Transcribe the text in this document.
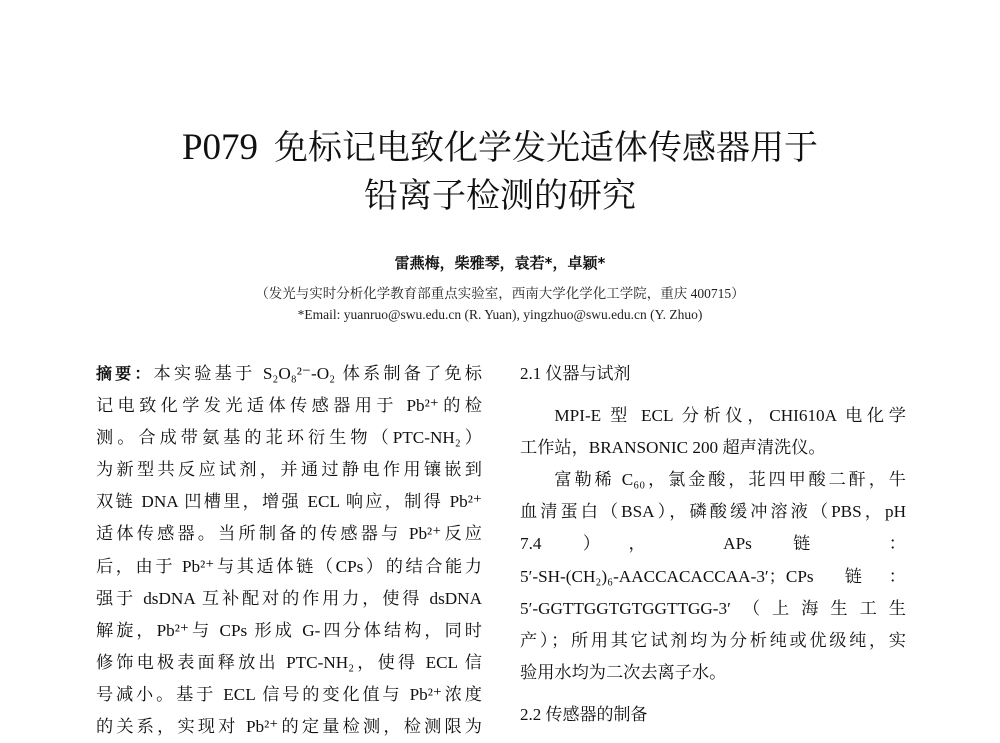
P079 免标记电致化学发光适体传感器用于
铅离子检测的研究
雷燕梅，柴雅琴，袁若*，卓颖*
（发光与实时分析化学教育部重点实验室，西南大学化学化工学院，重庆 400715）
*Email: yuanruo@swu.edu.cn (R. Yuan), yingzhuo@swu.edu.cn (Y. Zhuo)
摘要：本实验基于 S₂O₈²⁻-O₂ 体系制备了免标
记电致化学发光适体传感器用于 Pb²⁺的检
测。合成带氨基的苝环衍生物（PTC-NH₂）
为新型共反应试剂，并通过静电作用镶嵌到
双链 DNA 凹槽里，增强 ECL 响应，制得 Pb²⁺
适体传感器。当所制备的传感器与 Pb²⁺反应
后，由于 Pb²⁺与其适体链（CPs）的结合能力
强于 dsDNA 互补配对的作用力，使得 dsDNA
解旋，Pb²⁺与 CPs 形成 G-四分体结构，同时
修饰电极表面释放出 PTC-NH₂，使得 ECL 信
号减小。基于 ECL 信号的变化值与 Pb²⁺浓度
的关系，实现对 Pb²⁺的定量检测，检测限为
2.1 仪器与试剂
MPI-E 型 ECL 分析仪，CHI610A 电化学
工作站，BRANSONIC 200 超声清洗仪。
富勒稀 C₆₀，氯金酸，苝四甲酸二酐，牛
血清蛋白（BSA），磷酸缓冲溶液（PBS，pH
7.4 ）， APs 链 ：
5′-SH-(CH₂)₆-AACCACACCAA-3′；CPs 链：
5′-GGTTGGTGTGGTTGG-3′（上海生工生
产）；所用其它试剂均为分析纯或优级纯，实
验用水均为二次去离子水。
2.2 传感器的制备
